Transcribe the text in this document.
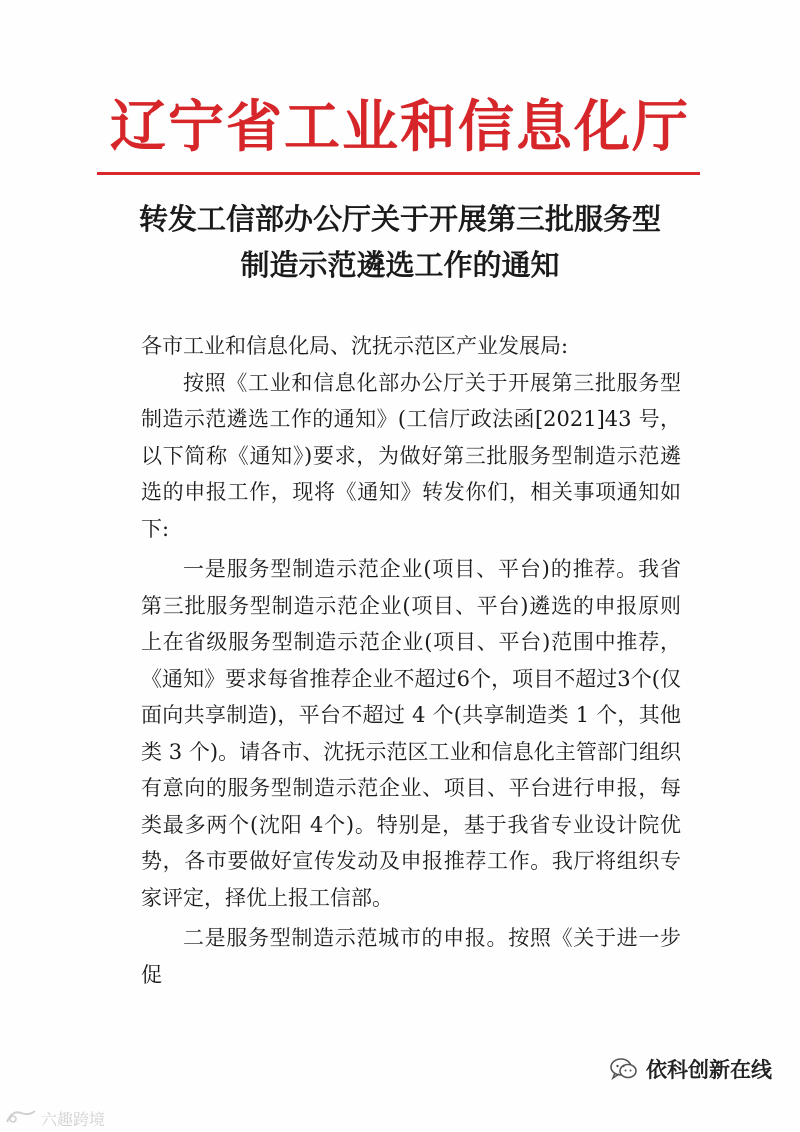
辽宁省工业和信息化厅
转发工信部办公厅关于开展第三批服务型
制造示范遴选工作的通知

各市工业和信息化局、沈抚示范区产业发展局:

按照《工业和信息化部办公厅关于开展第三批服务型制造示范遴选工作的通知》(工信厅政法函[2021]43 号，以下简称《通知》)要求，为做好第三批服务型制造示范遴选的申报工作，现将《通知》转发你们，相关事项通知如下:

一是服务型制造示范企业(项目、平台)的推荐。我省第三批服务型制造示范企业(项目、平台)遴选的申报原则上在省级服务型制造示范企业(项目、平台)范围中推荐，《通知》要求每省推荐企业不超过6个，项目不超过3个(仅面向共享制造)，平台不超过 4 个(共享制造类 1 个，其他类 3 个)。请各市、沈抚示范区工业和信息化主管部门组织有意向的服务型制造示范企业、项目、平台进行申报，每类最多两个(沈阳 4个)。特别是，基于我省专业设计院优势，各市要做好宣传发动及申报推荐工作。我厅将组织专家评定，择优上报工信部。

二是服务型制造示范城市的申报。按照《关于进一步促

依科创新在线
六趣跨境
